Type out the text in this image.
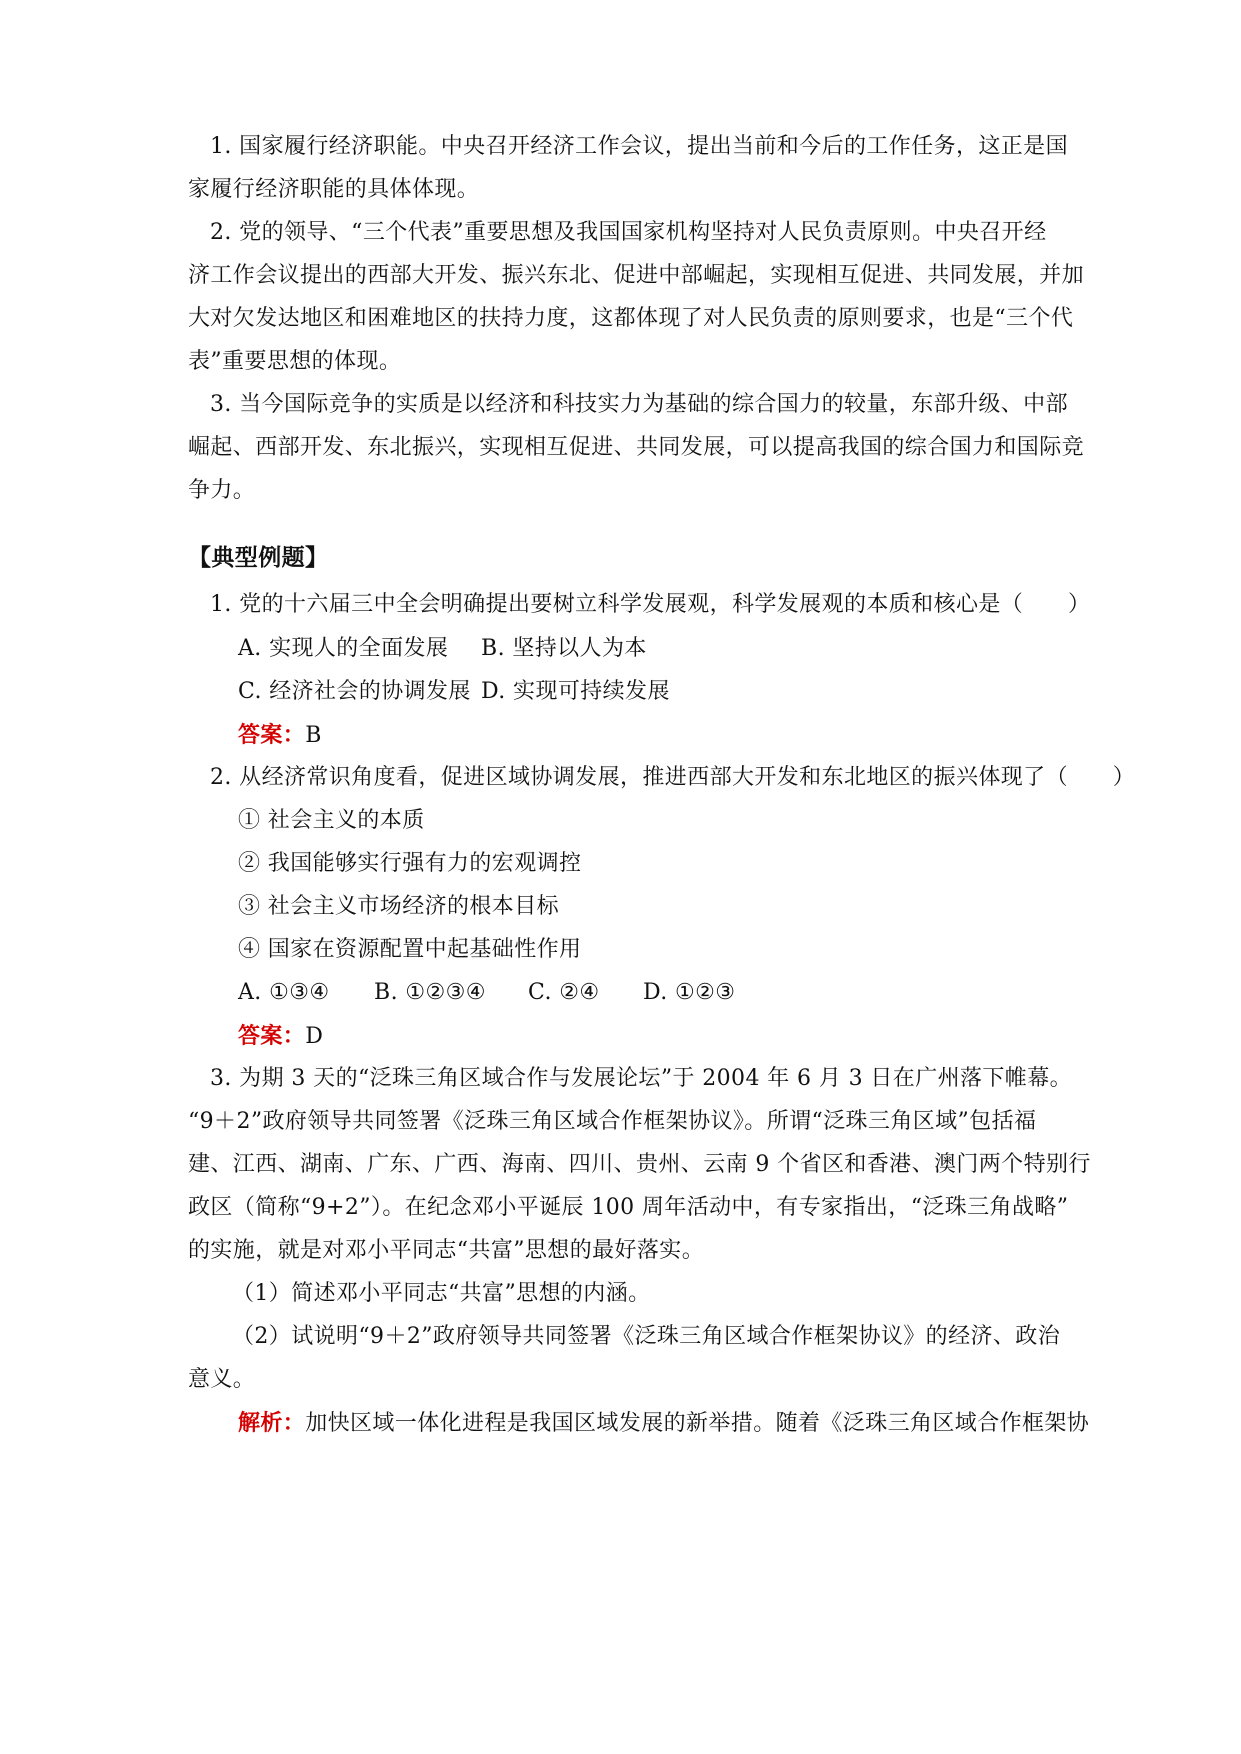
1. 国家履行经济职能。中央召开经济工作会议，提出当前和今后的工作任务，这正是国
家履行经济职能的具体体现。
2. 党的领导、“三个代表”重要思想及我国国家机构坚持对人民负责原则。中央召开经
济工作会议提出的西部大开发、振兴东北、促进中部崛起，实现相互促进、共同发展，并加
大对欠发达地区和困难地区的扶持力度，这都体现了对人民负责的原则要求，也是“三个代
表”重要思想的体现。
3. 当今国际竞争的实质是以经济和科技实力为基础的综合国力的较量，东部升级、中部
崛起、西部开发、东北振兴，实现相互促进、共同发展，可以提高我国的综合国力和国际竞
争力。
【典型例题】
1. 党的十六届三中全会明确提出要树立科学发展观，科学发展观的本质和核心是（　　）
A. 实现人的全面发展 B. 坚持以人为本
C. 经济社会的协调发展 D. 实现可持续发展
答案：B
2. 从经济常识角度看，促进区域协调发展，推进西部大开发和东北地区的振兴体现了（　　）
① 社会主义的本质
② 我国能够实行强有力的宏观调控
③ 社会主义市场经济的根本目标
④ 国家在资源配置中起基础性作用
A. ①③④ B. ①②③④ C. ②④ D. ①②③
答案：D
3. 为期 3 天的“泛珠三角区域合作与发展论坛”于 2004 年 6 月 3 日在广州落下帷幕。
“9＋2”政府领导共同签署《泛珠三角区域合作框架协议》。所谓“泛珠三角区域”包括福
建、江西、湖南、广东、广西、海南、四川、贵州、云南 9 个省区和香港、澳门两个特别行
政区（简称“9+2”）。在纪念邓小平诞辰 100 周年活动中，有专家指出，“泛珠三角战略”
的实施，就是对邓小平同志“共富”思想的最好落实。
（1）简述邓小平同志“共富”思想的内涵。
（2）试说明“9＋2”政府领导共同签署《泛珠三角区域合作框架协议》的经济、政治
意义。
解析：加快区域一体化进程是我国区域发展的新举措。随着《泛珠三角区域合作框架协
